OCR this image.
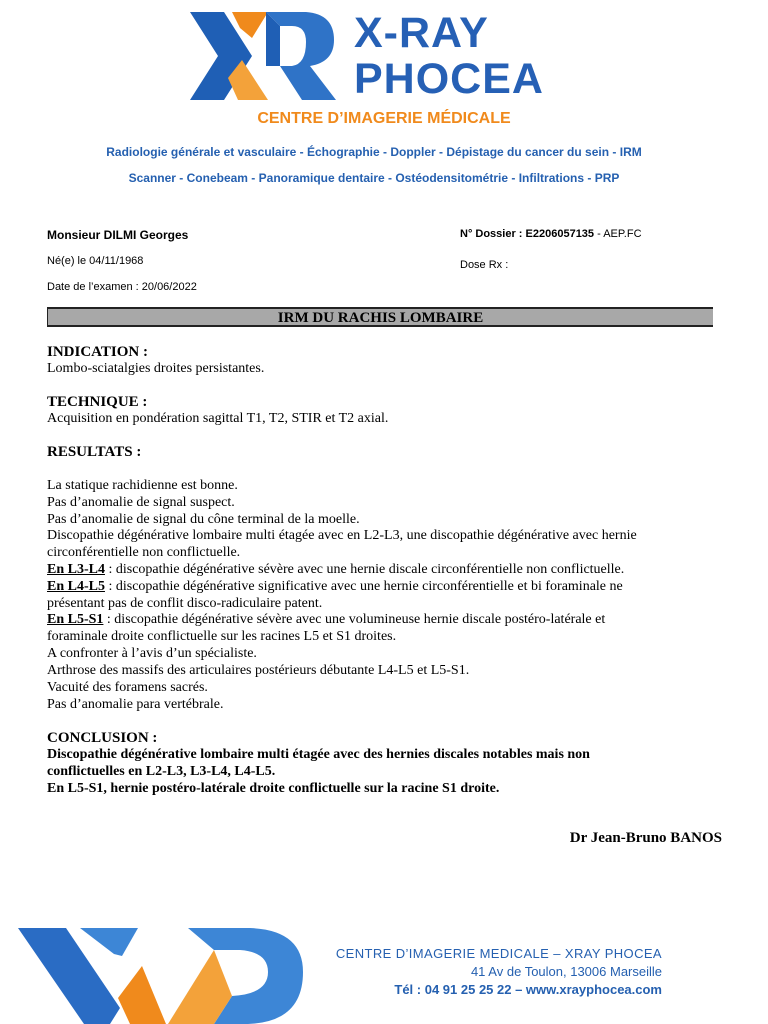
X-RAY
PHOCEA
CENTRE D’IMAGERIE MÉDICALE
Radiologie générale et vasculaire - Échographie - Doppler - Dépistage du cancer du sein - IRM
Scanner - Conebeam - Panoramique dentaire - Ostéodensitométrie - Infiltrations - PRP
Monsieur DILMI Georges
Né(e) le 04/11/1968
Date de l’examen : 20/06/2022
N° Dossier : E2206057135 - AEP.FC
Dose Rx :
IRM DU RACHIS LOMBAIRE
INDICATION :
Lombo-sciatalgies droites persistantes.
TECHNIQUE :
Acquisition en pondération sagittal T1, T2, STIR et T2 axial.
RESULTATS :
La statique rachidienne est bonne.
Pas d’anomalie de signal suspect.
Pas d’anomalie de signal du cône terminal de la moelle.
Discopathie dégénérative lombaire multi étagée avec en L2-L3, une discopathie dégénérative avec hernie
circonférentielle non conflictuelle.
En L3-L4 : discopathie dégénérative sévère avec une hernie discale circonférentielle non conflictuelle.
En L4-L5 : discopathie dégénérative significative avec une hernie circonférentielle et bi foraminale ne
présentant pas de conflit disco-radiculaire patent.
En L5-S1 : discopathie dégénérative sévère avec une volumineuse hernie discale postéro-latérale et
foraminale droite conflictuelle sur les racines L5 et S1 droites.
A confronter à l’avis d’un spécialiste.
Arthrose des massifs des articulaires postérieurs débutante L4-L5 et L5-S1.
Vacuité des foramens sacrés.
Pas d’anomalie para vertébrale.
CONCLUSION :
Discopathie dégénérative lombaire multi étagée avec des hernies discales notables mais non
conflictuelles en L2-L3, L3-L4, L4-L5.
En L5-S1, hernie postéro-latérale droite conflictuelle sur la racine S1 droite.
Dr Jean-Bruno BANOS
CENTRE D’IMAGERIE MEDICALE – XRAY PHOCEA
41 Av de Toulon, 13006 Marseille
Tél : 04 91 25 25 22 – www.xrayphocea.com
